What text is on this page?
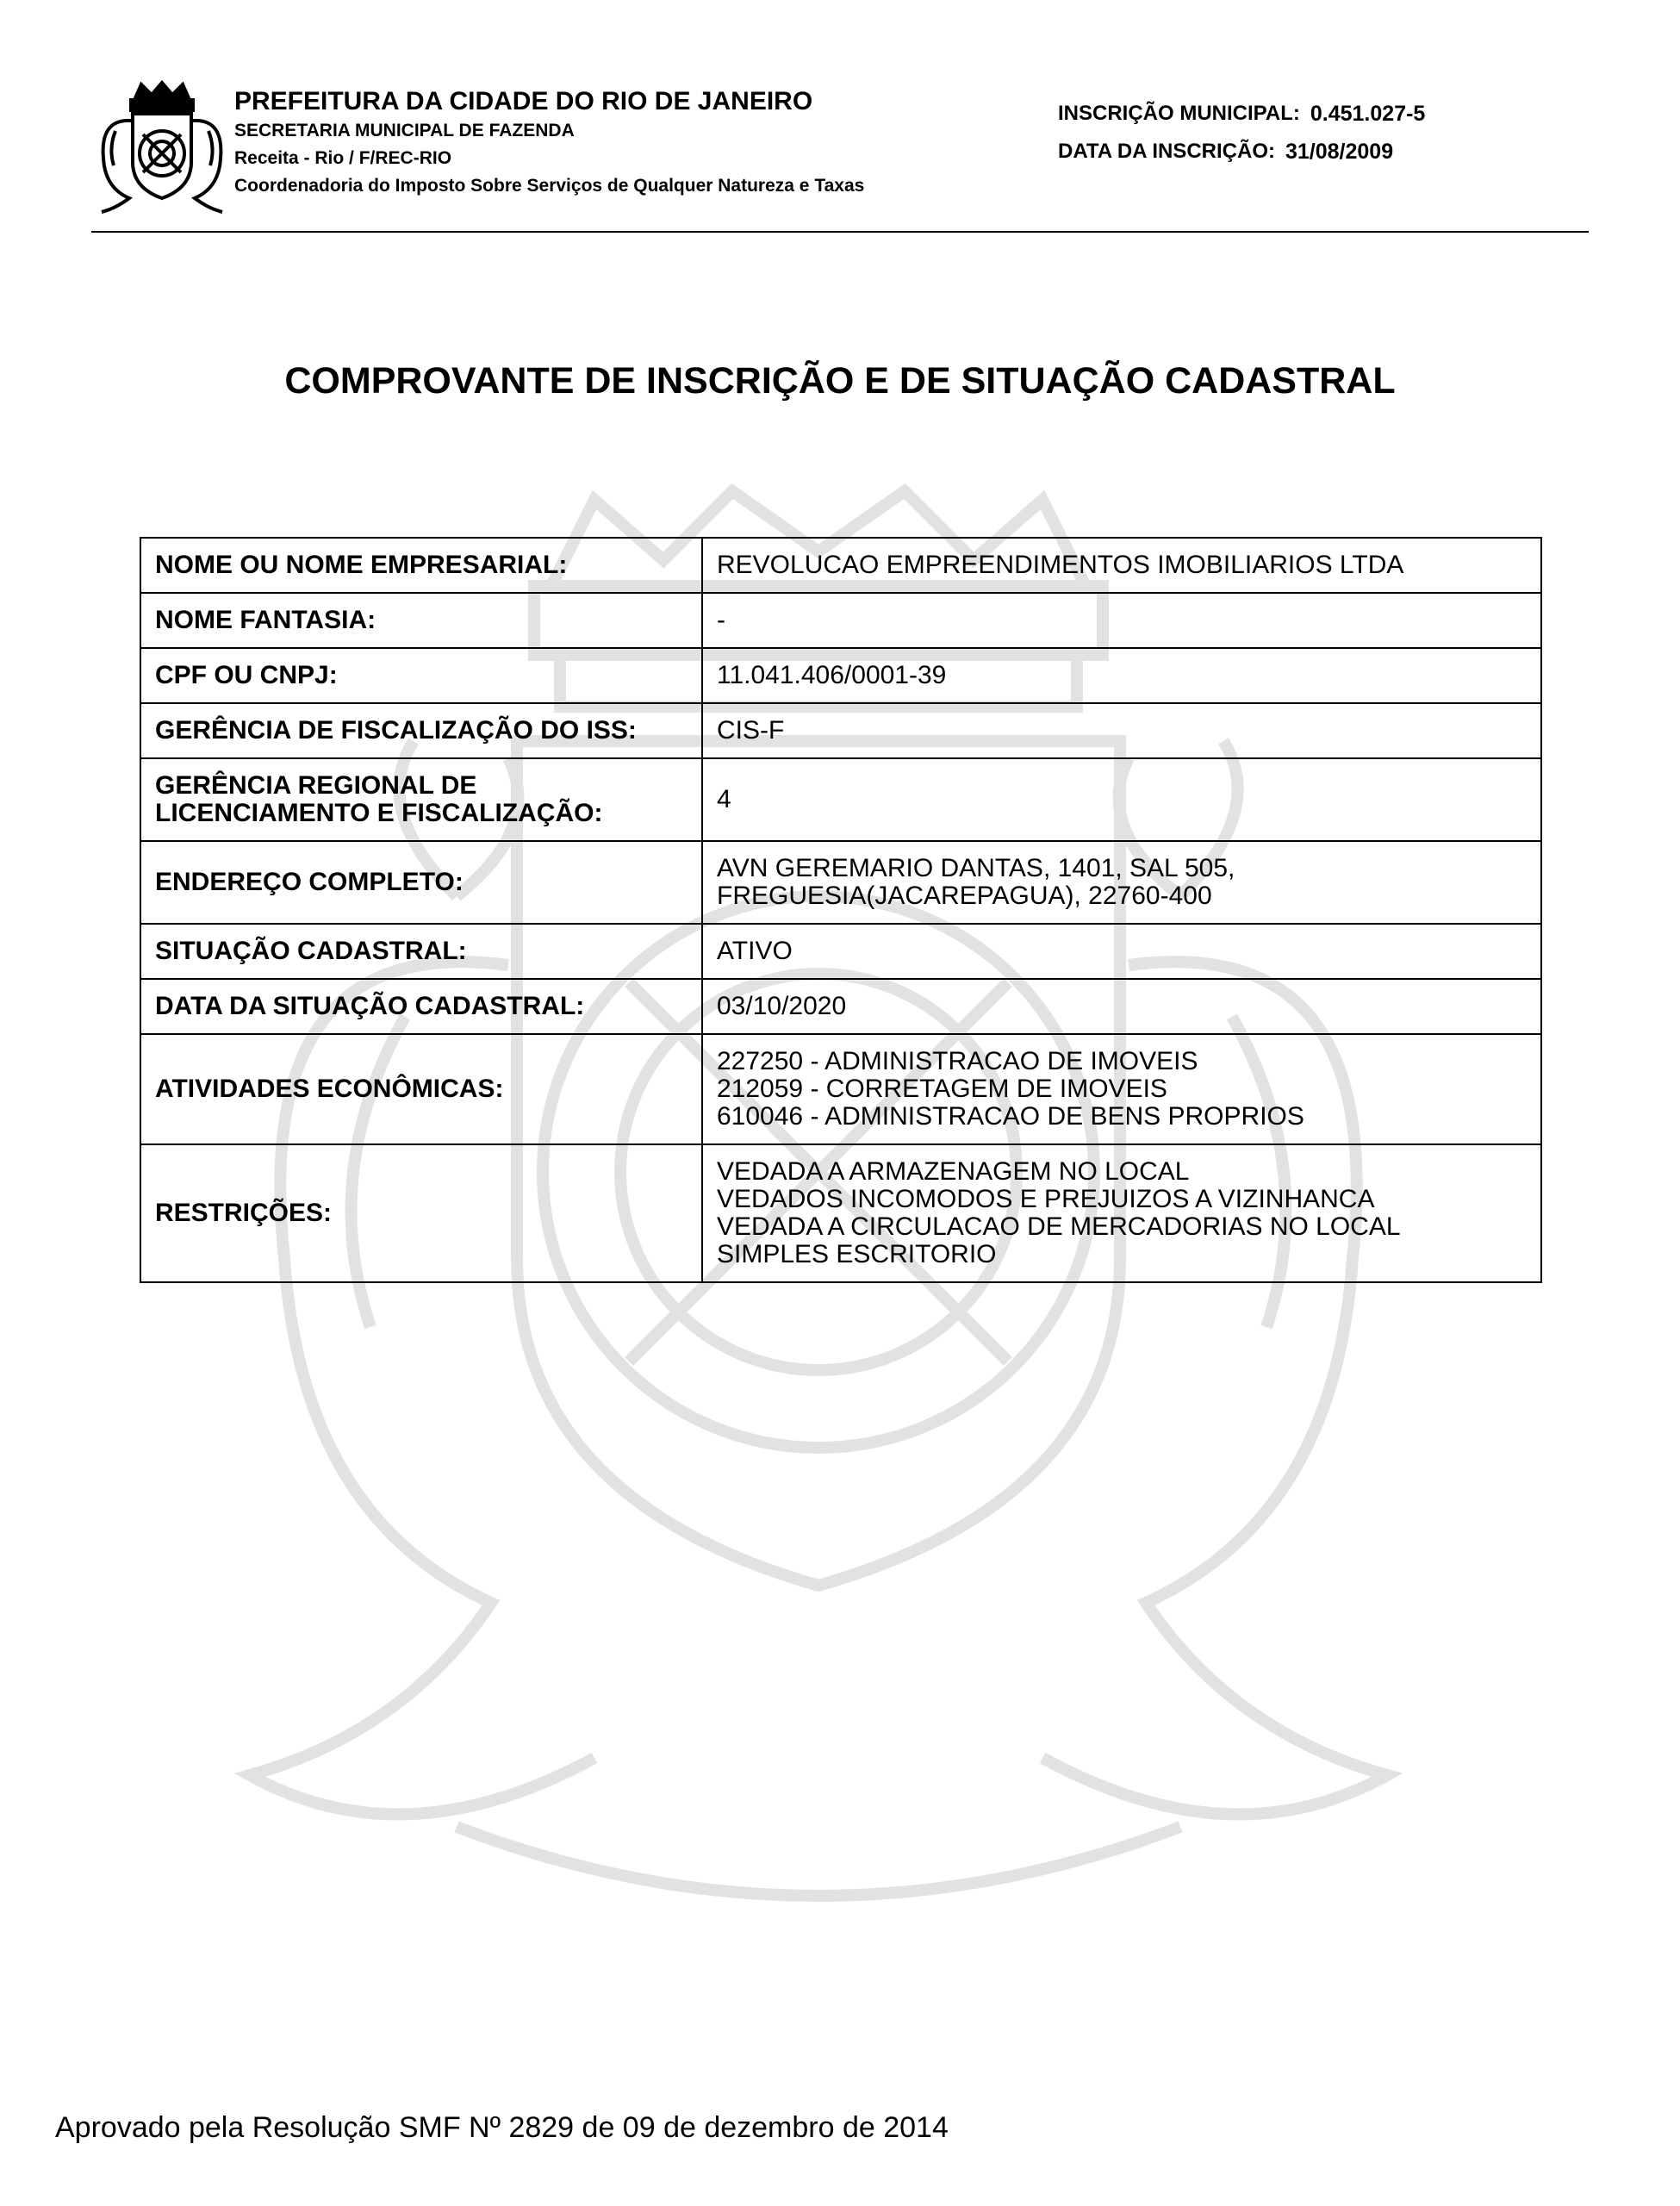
PREFEITURA DA CIDADE DO RIO DE JANEIRO
SECRETARIA MUNICIPAL DE FAZENDA
Receita - Rio / F/REC-RIO
Coordenadoria do Imposto Sobre Serviços de Qualquer Natureza e Taxas
INSCRIÇÃO MUNICIPAL: 0.451.027-5
DATA DA INSCRIÇÃO: 31/08/2009
COMPROVANTE DE INSCRIÇÃO E DE SITUAÇÃO CADASTRAL
NOME OU NOME EMPRESARIAL:	REVOLUCAO EMPREENDIMENTOS IMOBILIARIOS LTDA

NOME FANTASIA:	-

CPF OU CNPJ:	11.041.406/0001-39

GERÊNCIA DE FISCALIZAÇÃO DO ISS:	CIS-F

GERÊNCIA REGIONAL DE
LICENCIAMENTO E FISCALIZAÇÃO:	4

ENDEREÇO COMPLETO:	AVN GEREMARIO DANTAS, 1401, SAL 505,
FREGUESIA(JACAREPAGUA), 22760-400

SITUAÇÃO CADASTRAL:	ATIVO

DATA DA SITUAÇÃO CADASTRAL:	03/10/2020

ATIVIDADES ECONÔMICAS:	227250 - ADMINISTRACAO DE IMOVEIS
212059 - CORRETAGEM DE IMOVEIS
610046 - ADMINISTRACAO DE BENS PROPRIOS

RESTRIÇÕES:	VEDADA A ARMAZENAGEM NO LOCAL
VEDADOS INCOMODOS E PREJUIZOS A VIZINHANCA
VEDADA A CIRCULACAO DE MERCADORIAS NO LOCAL
SIMPLES ESCRITORIO
Aprovado pela Resolução SMF Nº 2829 de 09 de dezembro de 2014
